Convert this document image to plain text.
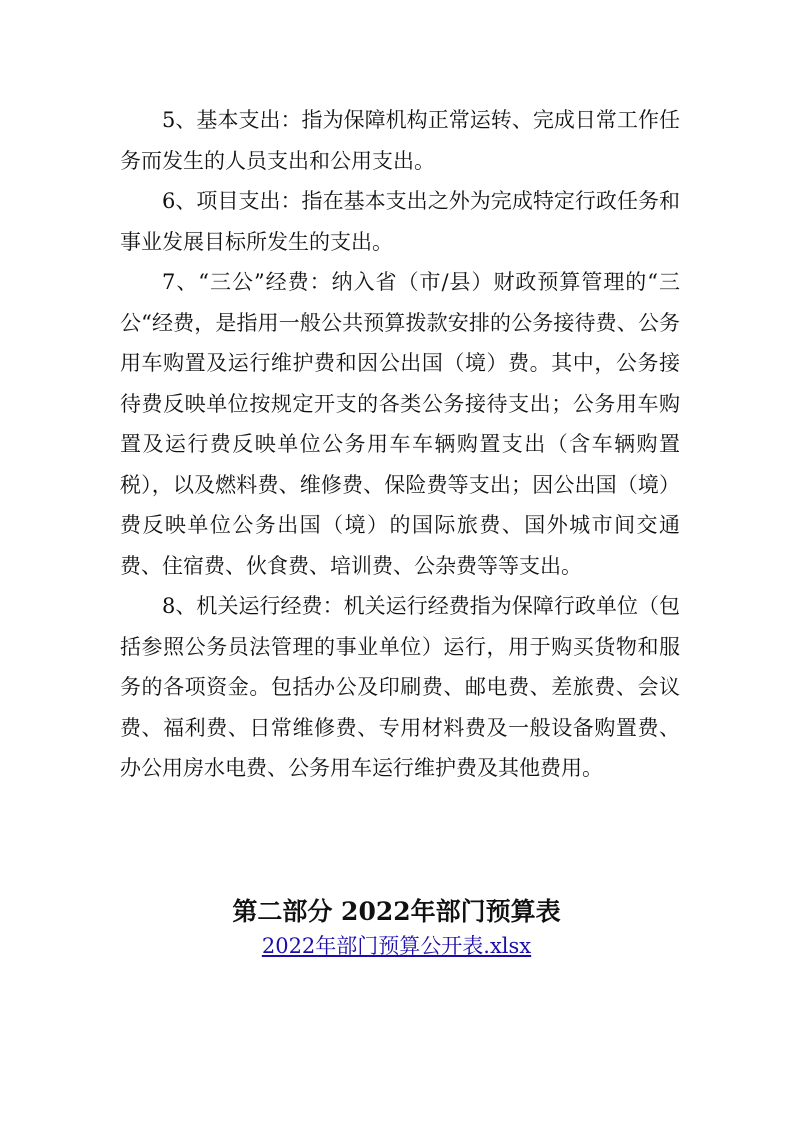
5、基本支出：指为保障机构正常运转、完成日常工作任务而发生的人员支出和公用支出。

6、项目支出：指在基本支出之外为完成特定行政任务和事业发展目标所发生的支出。

7、“三公”经费：纳入省（市/县）财政预算管理的“三公“经费，是指用一般公共预算拨款安排的公务接待费、公务用车购置及运行维护费和因公出国（境）费。其中，公务接待费反映单位按规定开支的各类公务接待支出；公务用车购置及运行费反映单位公务用车车辆购置支出（含车辆购置税），以及燃料费、维修费、保险费等支出；因公出国（境）费反映单位公务出国（境）的国际旅费、国外城市间交通费、住宿费、伙食费、培训费、公杂费等等支出。

8、机关运行经费：机关运行经费指为保障行政单位（包括参照公务员法管理的事业单位）运行，用于购买货物和服务的各项资金。包括办公及印刷费、邮电费、差旅费、会议费、福利费、日常维修费、专用材料费及一般设备购置费、办公用房水电费、公务用车运行维护费及其他费用。

第二部分 2022年部门预算表
2022年部门预算公开表.xlsx
